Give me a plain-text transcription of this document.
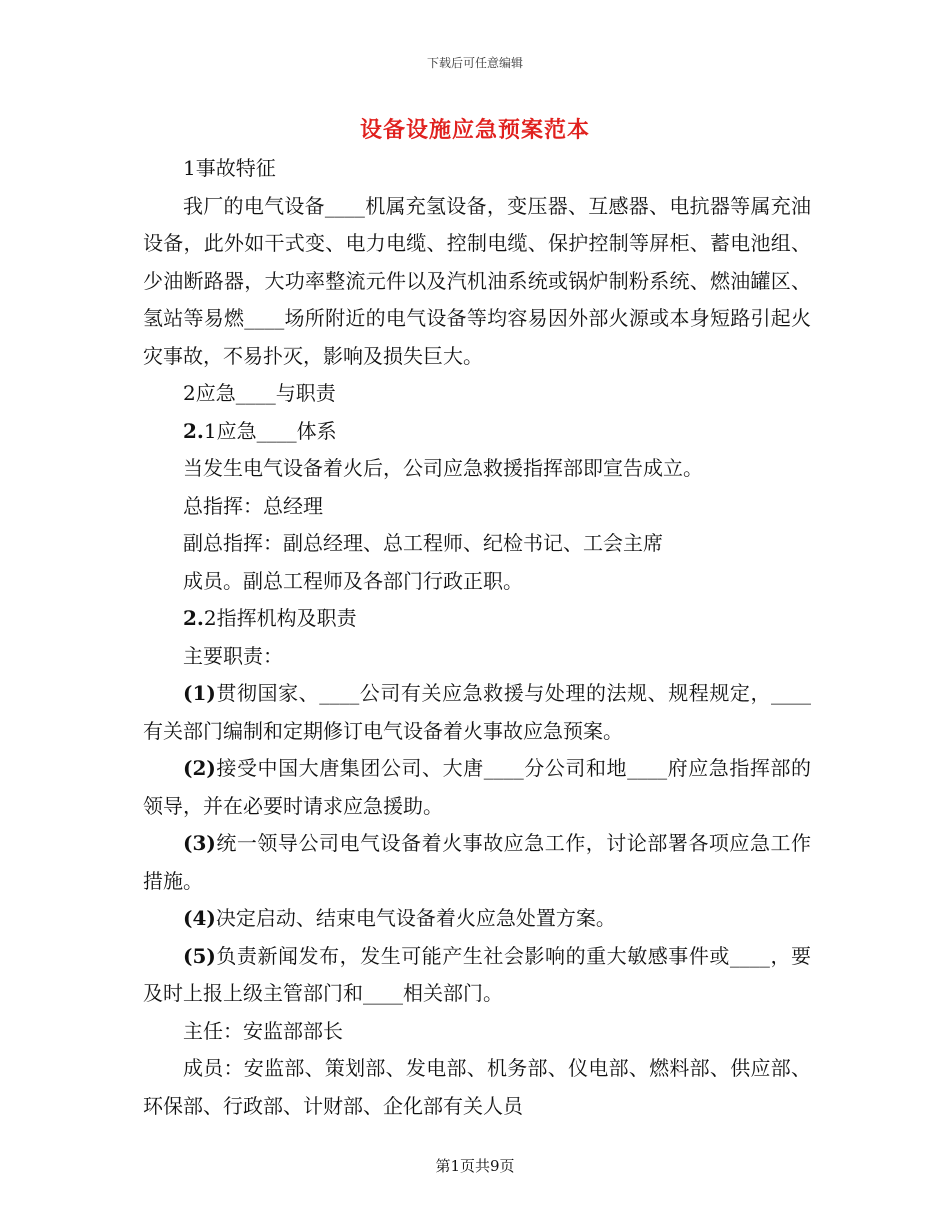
下载后可任意编辑
设备设施应急预案范本

1事故特征

我厂的电气设备____机属充氢设备，变压器、互感器、电抗器等属充油设备，此外如干式变、电力电缆、控制电缆、保护控制等屏柜、蓄电池组、少油断路器，大功率整流元件以及汽机油系统或锅炉制粉系统、燃油罐区、氢站等易燃____场所附近的电气设备等均容易因外部火源或本身短路引起火灾事故，不易扑灭，影响及损失巨大。

2应急____与职责

2.1应急____体系

当发生电气设备着火后，公司应急救援指挥部即宣告成立。

总指挥：总经理

副总指挥：副总经理、总工程师、纪检书记、工会主席

成员。副总工程师及各部门行政正职。

2.2指挥机构及职责

主要职责：

(1)贯彻国家、____公司有关应急救援与处理的法规、规程规定，____有关部门编制和定期修订电气设备着火事故应急预案。

(2)接受中国大唐集团公司、大唐____分公司和地____府应急指挥部的领导，并在必要时请求应急援助。

(3)统一领导公司电气设备着火事故应急工作，讨论部署各项应急工作措施。

(4)决定启动、结束电气设备着火应急处置方案。

(5)负责新闻发布，发生可能产生社会影响的重大敏感事件或____，要及时上报上级主管部门和____相关部门。

主任：安监部部长

成员：安监部、策划部、发电部、机务部、仪电部、燃料部、供应部、环保部、行政部、计财部、企化部有关人员

第1页共9页
